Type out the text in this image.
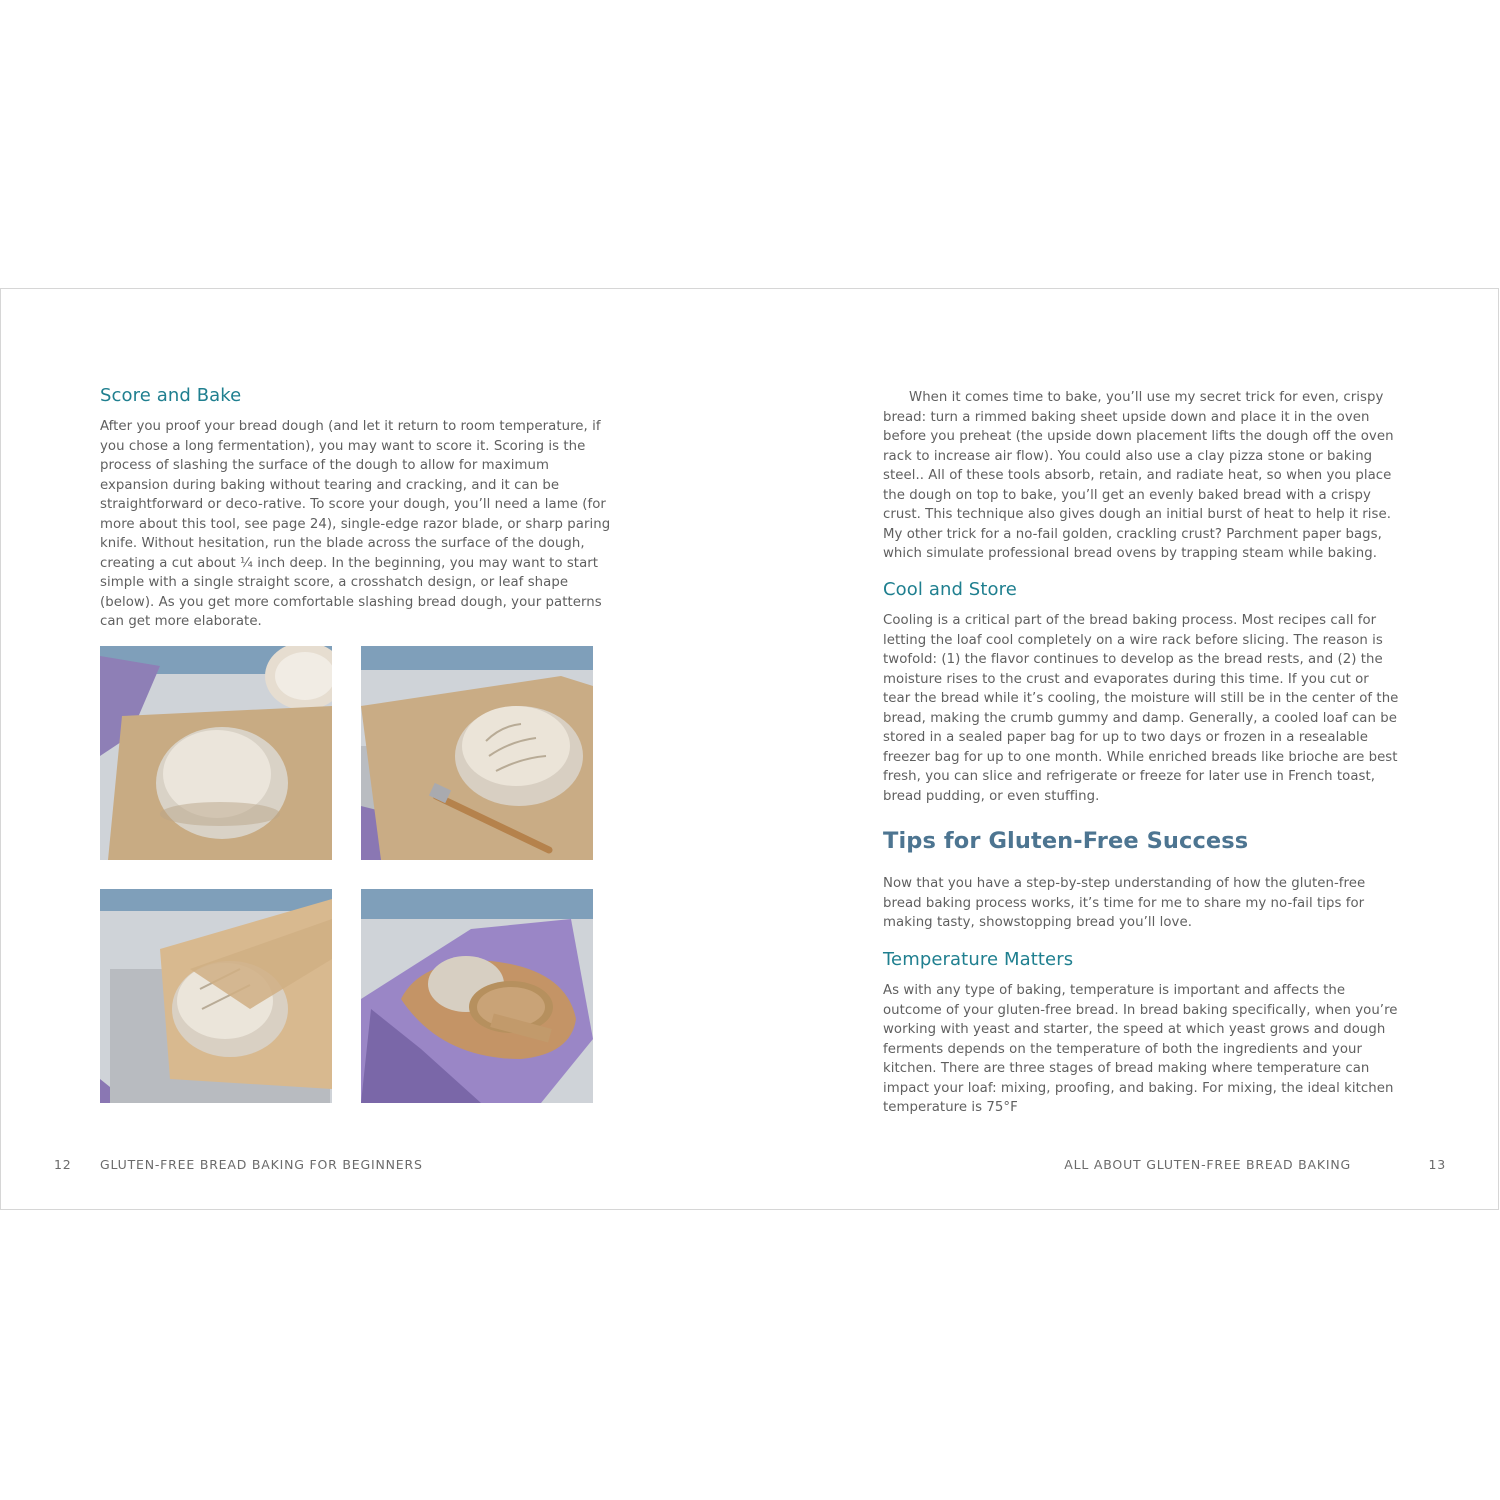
Score and Bake

After you proof your bread dough (and let it return to room temperature, if you chose a long fermentation), you may want to score it. Scoring is the process of slashing the surface of the dough to allow for maximum expansion during baking without tearing and cracking, and it can be straightforward or deco-rative. To score your dough, you’ll need a lame (for more about this tool, see page 24), single-edge razor blade, or sharp paring knife. Without hesitation, run the blade across the surface of the dough, creating a cut about ¼ inch deep. In the beginning, you may want to start simple with a single straight score, a crosshatch design, or leaf shape (below). As you get more comfortable slashing bread dough, your patterns can get more elaborate.

GLUTEN-FREE BREAD BAKING FOR BEGINNERS
12

When it comes time to bake, you’ll use my secret trick for even, crispy bread: turn a rimmed baking sheet upside down and place it in the oven before you preheat (the upside down placement lifts the dough off the oven rack to increase air flow). You could also use a clay pizza stone or baking steel.. All of these tools absorb, retain, and radiate heat, so when you place the dough on top to bake, you’ll get an evenly baked bread with a crispy crust. This technique also gives dough an initial burst of heat to help it rise. My other trick for a no-fail golden, crackling crust? Parchment paper bags, which simulate professional bread ovens by trapping steam while baking.

Cool and Store

Cooling is a critical part of the bread baking process. Most recipes call for letting the loaf cool completely on a wire rack before slicing. The reason is twofold: (1) the flavor continues to develop as the bread rests, and (2) the moisture rises to the crust and evaporates during this time. If you cut or tear the bread while it’s cooling, the moisture will still be in the center of the bread, making the crumb gummy and damp. Generally, a cooled loaf can be stored in a sealed paper bag for up to two days or frozen in a resealable freezer bag for up to one month. While enriched breads like brioche are best fresh, you can slice and refrigerate or freeze for later use in French toast, bread pudding, or even stuffing.

Tips for Gluten-Free Success

Now that you have a step-by-step understanding of how the gluten-free bread baking process works, it’s time for me to share my no-fail tips for making tasty, showstopping bread you’ll love.

Temperature Matters

As with any type of baking, temperature is important and affects the outcome of your gluten-free bread. In bread baking specifically, when you’re working with yeast and starter, the speed at which yeast grows and dough ferments depends on the temperature of both the ingredients and your kitchen. There are three stages of bread making where temperature can impact your loaf: mixing, proofing, and baking. For mixing, the ideal kitchen temperature is 75°F

ALL ABOUT GLUTEN-FREE BREAD BAKING	13
